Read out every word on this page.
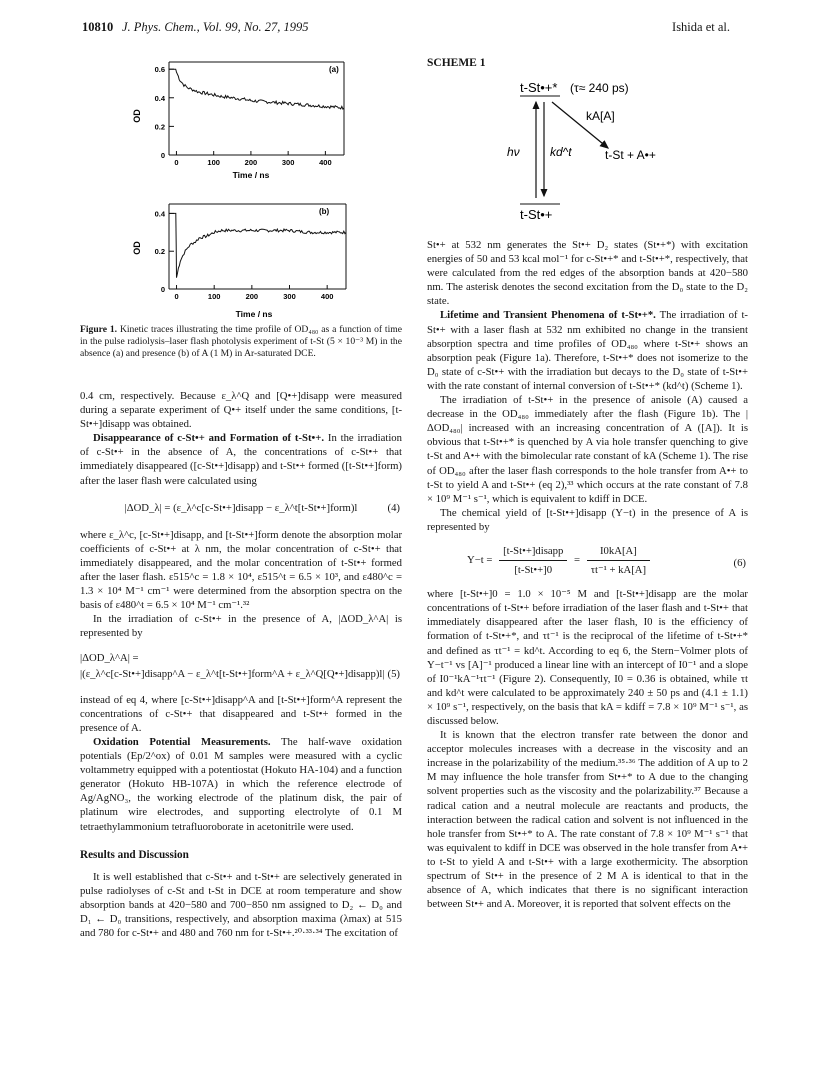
10810 J. Phys. Chem., Vol. 99, No. 27, 1995	Ishida et al.
0
0.2
0.4
0.6
0	100	200	300	400
(a)
OD
Time / ns
0
0.2
0.4
0	100	200	300	400
(b)
OD
Time / ns
Figure 1. Kinetic traces illustrating the time profile of OD₄₈₀ as a function of time in the pulse radiolysis–laser flash photolysis experiment of t-St (5 × 10⁻³ M) in the absence (a) and presence (b) of A (1 M) in Ar-saturated DCE.

0.4 cm, respectively. Because ε_λ^Q and [Q•+]disapp were measured during a separate experiment of Q•+ itself under the same conditions, [t-St•+]disapp was obtained.

Disappearance of c-St•+ and Formation of t-St•+. In the irradiation of c-St•+ in the absence of A, the concentrations of c-St•+ that immediately disappeared ([c-St•+]disapp) and t-St•+ formed ([t-St•+]form) after the laser flash were calculated using

|ΔOD_λ| = (ε_λ^c[c-St•+]disapp − ε_λ^t[t-St•+]form)l	(4)

where ε_λ^c, [c-St•+]disapp, and [t-St•+]form denote the absorption molar coefficients of c-St•+ at λ nm, the molar concentration of c-St•+ that immediately disappeared, and the molar concentration of t-St•+ formed after the laser flash. ε515^c = 1.8 × 10⁴, ε515^t = 6.5 × 10³, and ε480^c = 1.3 × 10⁴ M⁻¹ cm⁻¹ were determined from the absorption spectra on the basis of ε480^t = 6.5 × 10⁴ M⁻¹ cm⁻¹.³²

In the irradiation of c-St•+ in the presence of A, |ΔOD_λ^A| is represented by

|ΔOD_λ^A| =
|(ε_λ^c[c-St•+]disapp^A − ε_λ^t[t-St•+]form^A + ε_λ^Q[Q•+]disapp)l| (5)

instead of eq 4, where [c-St•+]disapp^A and [t-St•+]form^A represent the concentrations of c-St•+ that disappeared and t-St•+ formed in the presence of A.

Oxidation Potential Measurements. The half-wave oxidation potentials (Ep/2^ox) of 0.01 M samples were measured with a cyclic voltammetry equipped with a potentiostat (Hokuto HA-104) and a function generator (Hokuto HB-107A) in which the reference electrode of Ag/AgNO₃, the working electrode of the platinum disk, the pair of platinum wire electrodes, and supporting electrolyte of 0.1 M tetraethylammonium tetrafluoroborate in acetonitrile were used.

Results and Discussion

It is well established that c-St•+ and t-St•+ are selectively generated in pulse radiolyses of c-St and t-St in DCE at room temperature and show absorption bands at 420−580 and 700−850 nm assigned to D₂ ← D₀ and D₁ ← D₀ transitions, respectively, and absorption maxima (λmax) at 515 and 780 for c-St•+ and 480 and 760 nm for t-St•+.²⁰·³³·³⁴ The excitation of

SCHEME 1
t-St•+* (τ≈ 240 ps)
kA[A]
hν	kd^t	t-St + A•+
t-St•+

St•+ at 532 nm generates the St•+ D₂ states (St•+*) with excitation energies of 50 and 53 kcal mol⁻¹ for c-St•+* and t-St•+*, respectively, that were calculated from the red edges of the absorption bands at 420−580 nm. The asterisk denotes the second excitation from the D₀ state to the D₂ state.

Lifetime and Transient Phenomena of t-St•+*. The irradiation of t-St•+ with a laser flash at 532 nm exhibited no change in the transient absorption spectra and time profiles of OD₄₈₀ where t-St•+ shows an absorption peak (Figure 1a). Therefore, t-St•+* does not isomerize to the D₀ state of c-St•+ with the irradiation but decays to the D₀ state of t-St•+ with the rate constant of internal conversion of t-St•+* (kd^t) (Scheme 1).

The irradiation of t-St•+ in the presence of anisole (A) caused a decrease in the OD₄₈₀ immediately after the flash (Figure 1b). The |ΔOD₄₈₀| increased with an increasing concentration of A ([A]). It is obvious that t-St•+* is quenched by A via hole transfer quenching to give t-St and A•+ with the bimolecular rate constant of kA (Scheme 1). The rise of OD₄₈₀ after the laser flash corresponds to the hole transfer from A•+ to t-St to yield A and t-St•+ (eq 2),³³ which occurs at the rate constant of 7.8 × 10⁹ M⁻¹ s⁻¹, which is equivalent to kdiff in DCE.

The chemical yield of [t-St•+]disapp (Y−t) in the presence of A is represented by

$Y-t = \frac{\text{[t-St•+]disapp}}{[t-St•+]0} = \frac{I0kA[A]}{\text{τt⁻¹ + kA[A]}}$	(6)

where [t-St•+]0 = 1.0 × 10⁻⁵ M and [t-St•+]disapp are the molar concentrations of t-St•+ before irradiation of the laser flash and t-St•+ that immediately disappeared after the laser flash, I0 is the efficiency of formation of t-St•+*, and τt⁻¹ is the reciprocal of the lifetime of t-St•+* and defined as τt⁻¹ = kd^t. According to eq 6, the Stern−Volmer plots of Y−t⁻¹ vs [A]⁻¹ produced a linear line with an intercept of I0⁻¹ and a slope of I0⁻¹kA⁻¹τt⁻¹ (Figure 2). Consequently, I0 = 0.36 is obtained, while τt and kd^t were calculated to be approximately 240 ± 50 ps and (4.1 ± 1.1) × 10⁹ s⁻¹, respectively, on the basis that kA = kdiff = 7.8 × 10⁹ M⁻¹ s⁻¹, as discussed below.

It is known that the electron transfer rate between the donor and acceptor molecules increases with a decrease in the viscosity and an increase in the polarizability of the medium.³⁵·³⁶ The addition of A up to 2 M may influence the hole transfer from St•+* to A due to the changing solvent properties such as the viscosity and the polarizability.³⁷ Because a radical cation and a neutral molecule are reactants and products, the interaction between the radical cation and solvent is not influenced in the hole transfer from St•+* to A. The rate constant of 7.8 × 10⁹ M⁻¹ s⁻¹ that was equivalent to kdiff in DCE was observed in the hole transfer from A•+ to t-St to yield A and t-St•+ with a large exothermicity. The absorption spectrum of St•+ in the presence of 2 M A is identical to that in the absence of A, which indicates that there is no significant interaction between St•+ and A. Moreover, it is reported that solvent effects on the
